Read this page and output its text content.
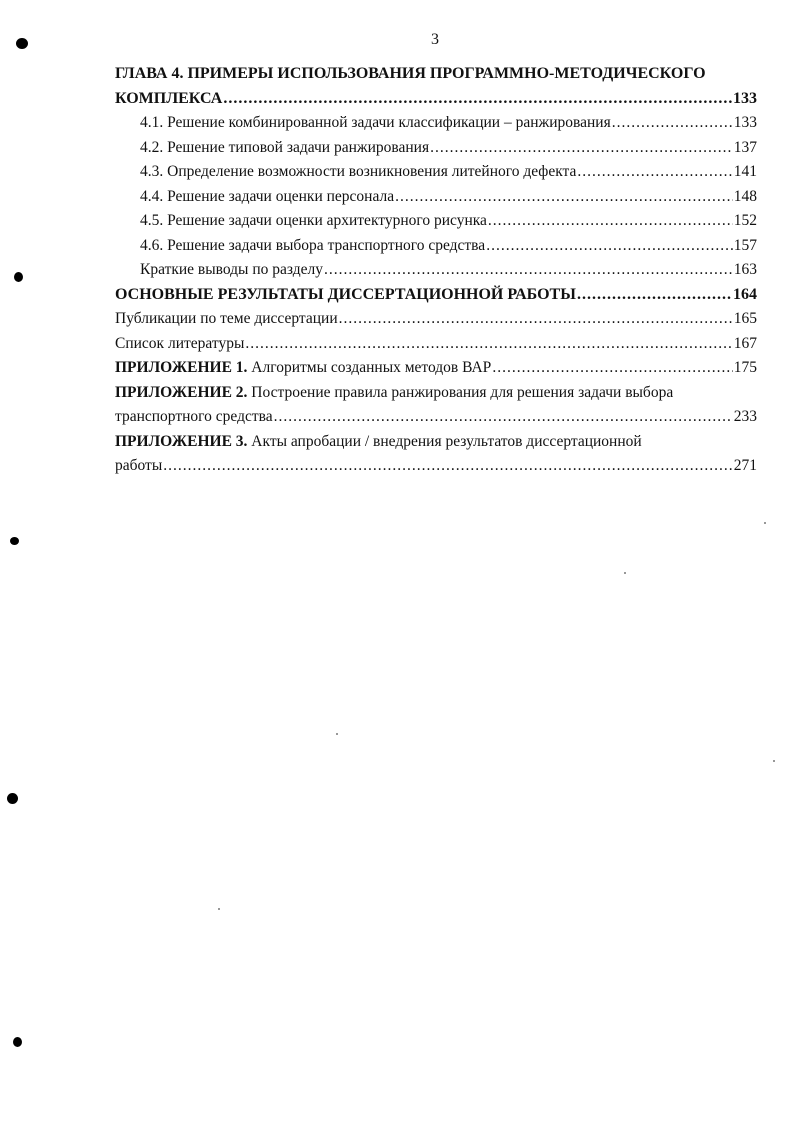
3
ГЛАВА 4. ПРИМЕРЫ ИСПОЛЬЗОВАНИЯ ПРОГРАММНО-МЕТОДИЧЕСКОГО
КОМПЛЕКСА .....	133
4.1. Решение комбинированной задачи классификации – ранжирования .....	133
4.2. Решение типовой задачи ранжирования .....	137
4.3. Определение возможности возникновения литейного дефекта .....	141
4.4. Решение задачи оценки персонала .....	148
4.5. Решение задачи оценки архитектурного рисунка .....	152
4.6. Решение задачи выбора транспортного средства .....	157
Краткие выводы по разделу .....	163
ОСНОВНЫЕ РЕЗУЛЬТАТЫ ДИССЕРТАЦИОННОЙ РАБОТЫ .....	164
Публикации по теме диссертации .....	165
Список литературы .....	167
ПРИЛОЖЕНИЕ 1. Алгоритмы созданных методов ВАР .....	175
ПРИЛОЖЕНИЕ 2. Построение правила ранжирования для решения задачи выбора
транспортного средства .....	233
ПРИЛОЖЕНИЕ 3. Акты апробации / внедрения результатов диссертационной
работы .....	271
